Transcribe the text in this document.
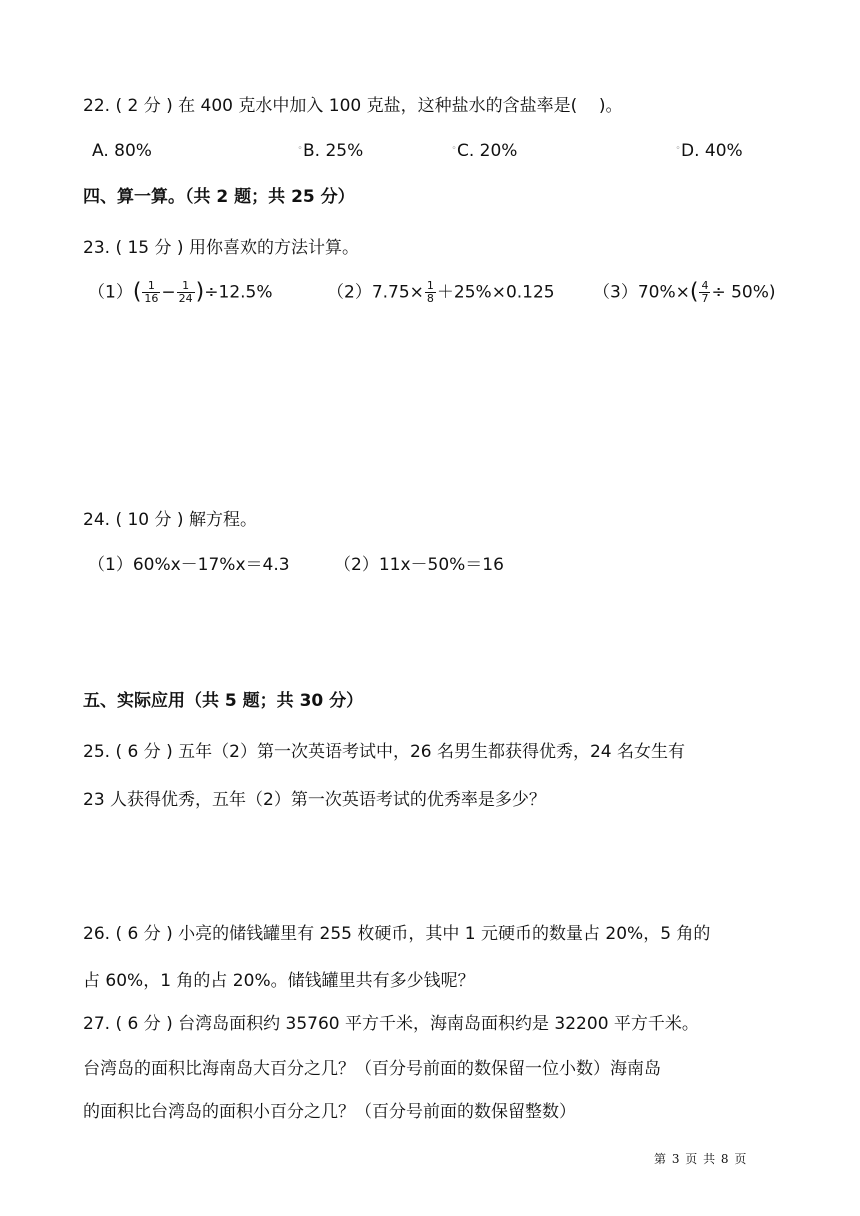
22. ( 2 分 ) 在 400 克水中加入 100 克盐，这种盐水的含盐率是(    )。
A. 80%	⸰ B. 25%	⸰ C. 20%	⸰ D. 40%
四、算一算。（共 2 题；共 25 分）
23. ( 15 分 ) 用你喜欢的方法计算。
$(1)( \frac{1}{16} - \frac{1}{24} )\div 12.5\%$	$(2)7.75\times \frac{1}{8} +25\%\times 0.125$ $(3)70\%\times( \frac{4}{7} \div 50\%)$
24. ( 10 分 ) 解方程。
（1）60%x－17%x＝4.3	（2）11x－50%＝16
五、实际应用（共 5 题；共 30 分）
25. ( 6 分 ) 五年（2）第一次英语考试中，26 名男生都获得优秀，24 名女生有
23 人获得优秀，五年（2）第一次英语考试的优秀率是多少？
26. ( 6 分 ) 小亮的储钱罐里有 255 枚硬币，其中 1 元硬币的数量占 20%，5 角的
占 60%，1 角的占 20%。储钱罐里共有多少钱呢？
27. ( 6 分 ) 台湾岛面积约 35760 平方千米，海南岛面积约是 32200 平方千米。
台湾岛的面积比海南岛大百分之几？（百分号前面的数保留一位小数）海南岛
的面积比台湾岛的面积小百分之几？（百分号前面的数保留整数）
第 3 页 共 8 页
